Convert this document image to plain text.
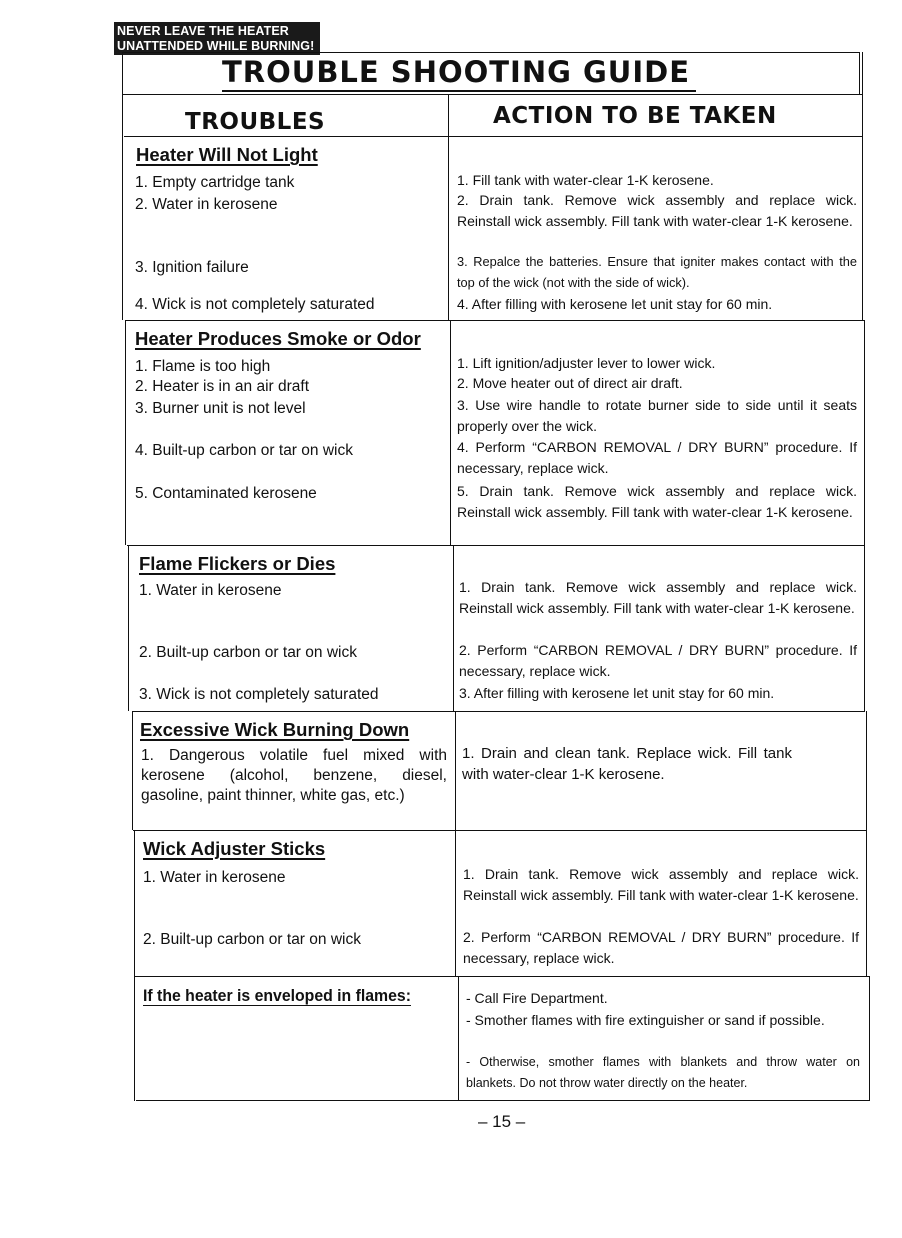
NEVER LEAVE THE HEATER
UNATTENDED WHILE BURNING!
TROUBLE SHOOTING GUIDE
TROUBLES	ACTION TO BE TAKEN
Heater Will Not Light
1. Empty cartridge tank
2. Water in kerosene
3. Ignition failure
4. Wick is not completely saturated
1. Fill tank with water-clear 1-K kerosene.
2. Drain tank. Remove wick assembly and replace wick. Reinstall wick assembly. Fill tank with water-clear 1-K kerosene.
3. Repalce the batteries. Ensure that igniter makes contact with the top of the wick (not with the side of wick).
4. After filling with kerosene let unit stay for 60 min.
Heater Produces Smoke or Odor
1. Flame is too high
2. Heater is in an air draft
3. Burner unit is not level
4. Built-up carbon or tar on wick
5. Contaminated kerosene
1. Lift ignition/adjuster lever to lower wick.
2. Move heater out of direct air draft.
3. Use wire handle to rotate burner side to side until it seats properly over the wick.
4. Perform “CARBON REMOVAL / DRY BURN” procedure. If necessary, replace wick.
5. Drain tank. Remove wick assembly and replace wick. Reinstall wick assembly. Fill tank with water-clear 1-K kerosene.
Flame Flickers or Dies
1. Water in kerosene
2. Built-up carbon or tar on wick
3. Wick is not completely saturated
1. Drain tank. Remove wick assembly and replace wick. Reinstall wick assembly. Fill tank with water-clear 1-K kerosene.
2. Perform “CARBON REMOVAL / DRY BURN” procedure. If necessary, replace wick.
3. After filling with kerosene let unit stay for 60 min.
Excessive Wick Burning Down
1. Dangerous volatile fuel mixed with kerosene (alcohol, benzene, diesel, gasoline, paint thinner, white gas, etc.)
1. Drain and clean tank. Replace wick. Fill tank with water-clear 1-K kerosene.
Wick Adjuster Sticks
1. Water in kerosene
2. Built-up carbon or tar on wick
1. Drain tank. Remove wick assembly and replace wick. Reinstall wick assembly. Fill tank with water-clear 1-K kerosene.
2. Perform “CARBON REMOVAL / DRY BURN” procedure. If necessary, replace wick.
If the heater is enveloped in flames:	- Call Fire Department.
- Smother flames with fire extinguisher or sand if possible.
- Otherwise, smother flames with blankets and throw water on blankets. Do not throw water directly on the heater.
– 15 –
